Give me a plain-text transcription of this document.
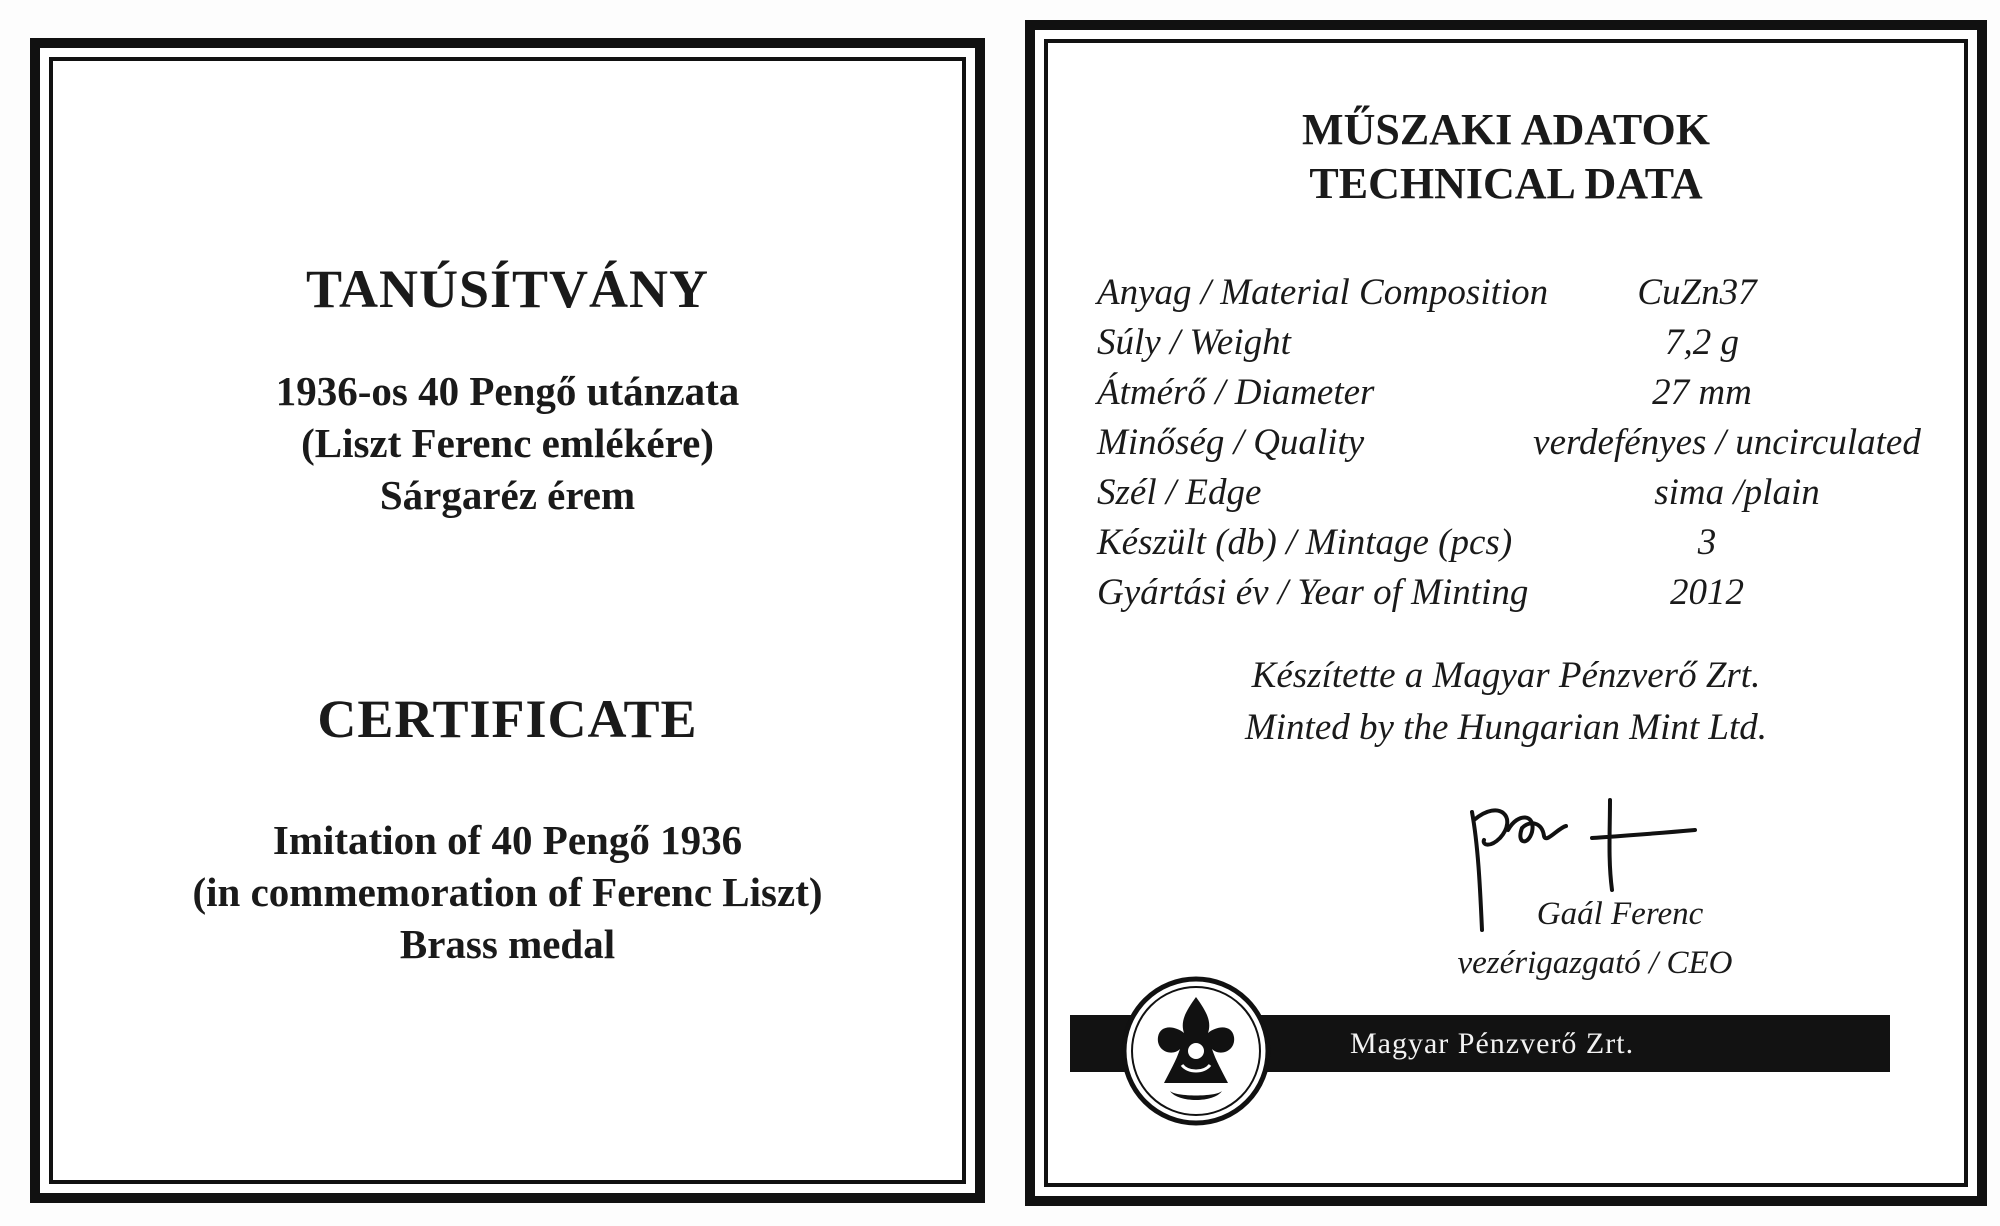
TANÚSÍTVÁNY
1936-os 40 Pengő utánzata
(Liszt Ferenc emlékére)
Sárgaréz érem
CERTIFICATE
Imitation of 40 Pengő 1936
(in commemoration of Ferenc Liszt)
Brass medal
MŰSZAKI ADATOK
TECHNICAL DATA
Anyag / Material Composition	CuZn37
Súly / Weight	7,2 g
Átmérő / Diameter	27 mm
Minőség / Quality	verdefényes / uncirculated
Szél / Edge	sima /plain
Készült (db) / Mintage (pcs)	3
Gyártási év / Year of Minting	2012
Készítette a Magyar Pénzverő Zrt.
Minted by the Hungarian Mint Ltd.
Gaál Ferenc
vezérigazgató / CEO
Magyar Pénzverő Zrt.
